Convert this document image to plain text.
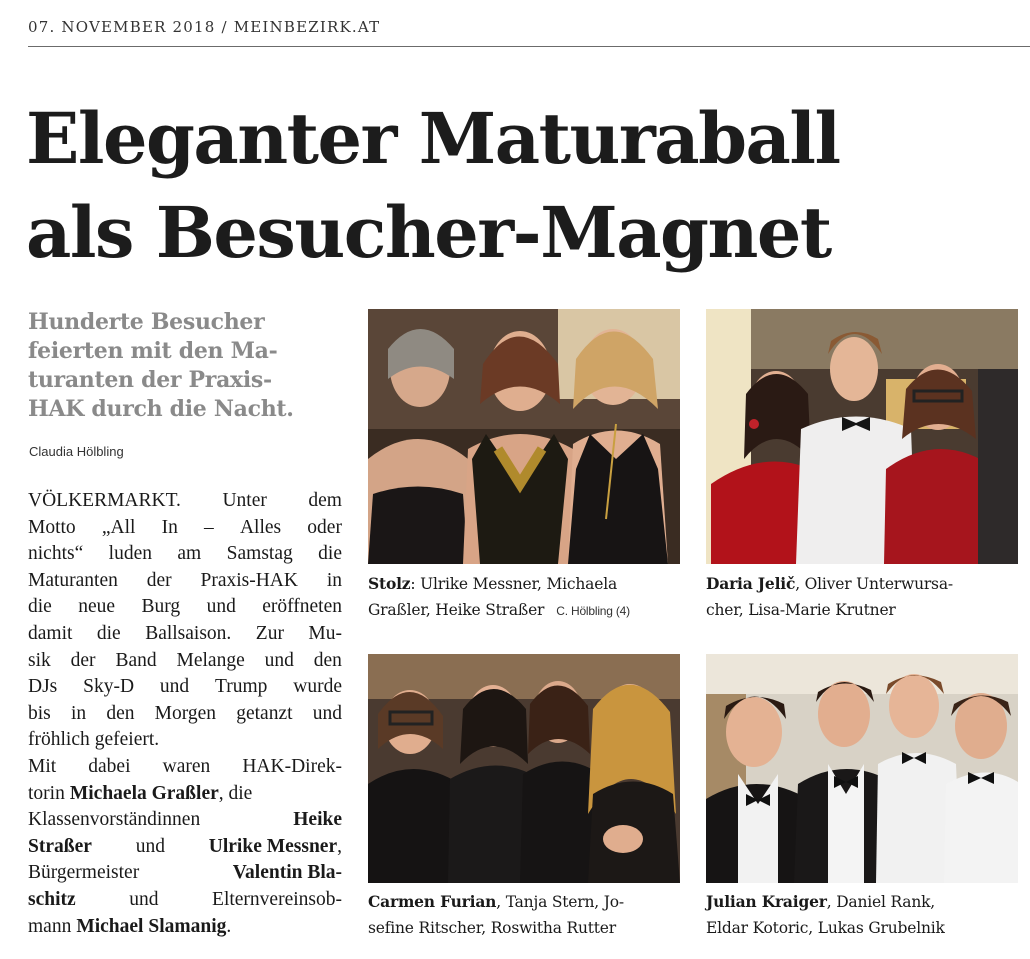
07. NOVEMBER 2018 / MEINBEZIRK.AT
Eleganter Maturaball
als Besucher-Magnet
Hunderte Besucher
feierten mit den Ma-
turanten der Praxis-
HAK durch die Nacht.
Claudia Hölbling
VÖLKERMARKT. Unter dem
Motto „All In – Alles oder
nichts“ luden am Samstag die
Maturanten der Praxis-HAK in
die neue Burg und eröffneten
damit die Ballsaison. Zur Mu-
sik der Band Melange und den
DJs Sky-D und Trump wurde
bis in den Morgen getanzt und
fröhlich gefeiert.
Mit dabei waren HAK-Direk-
torin Michaela Graßler , die
Klassenvorständinnen	Heike
Straßer und Ulrike Messner,
Bürgermeister	Valentin Bla-
schitz	und	Elternvereinsob-
mann Michael Slamanig .
Stolz: Ulrike Messner, Michaela
Graßler, Heike Straßer C. Hölbling (4)
Daria Jelič, Oliver Unterwursa-
cher, Lisa-Marie Krutner
Carmen Furian, Tanja Stern, Jo-
sefine Ritscher, Roswitha Rutter
Julian Kraiger, Daniel Rank,
Eldar Kotoric, Lukas Grubelnik
